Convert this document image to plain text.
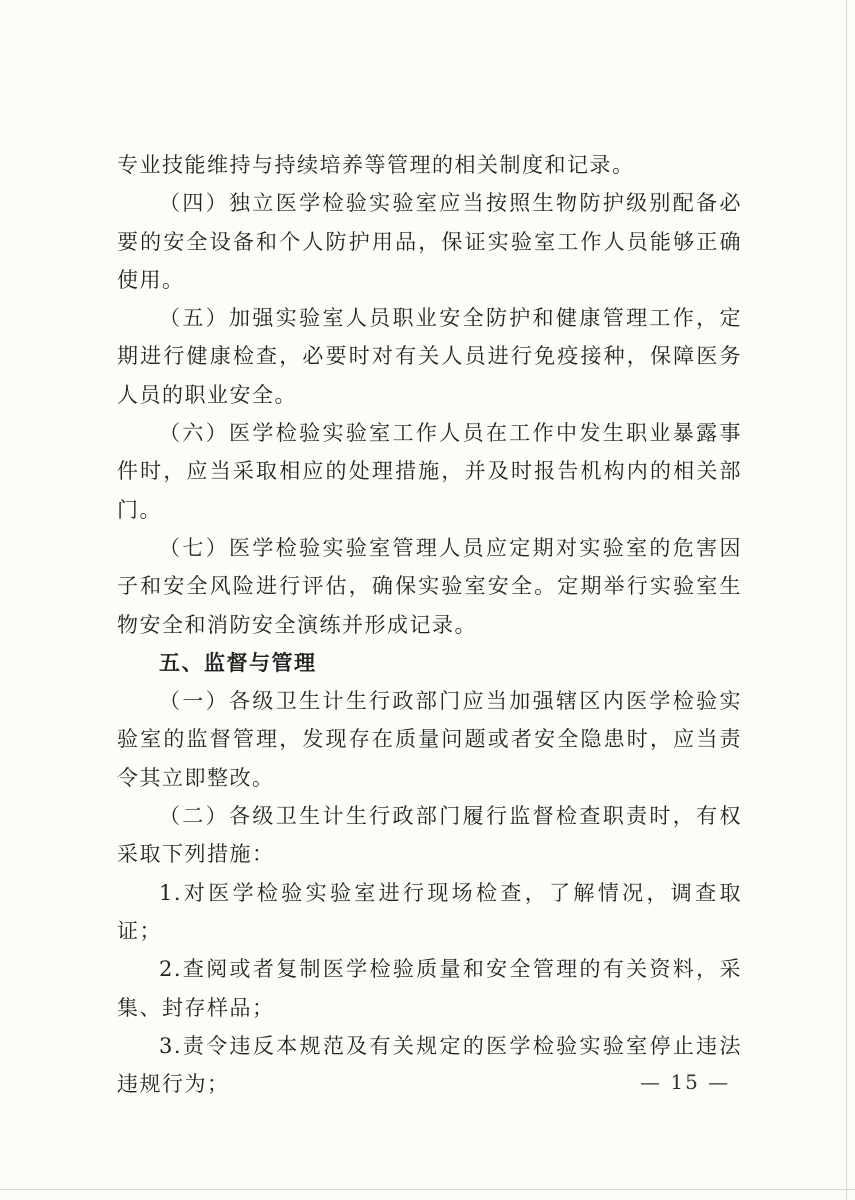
专业技能维持与持续培养等管理的相关制度和记录。

（四）独立医学检验实验室应当按照生物防护级别配备必要的安全设备和个人防护用品，保证实验室工作人员能够正确使用。

（五）加强实验室人员职业安全防护和健康管理工作，定期进行健康检查，必要时对有关人员进行免疫接种，保障医务人员的职业安全。

（六）医学检验实验室工作人员在工作中发生职业暴露事件时，应当采取相应的处理措施，并及时报告机构内的相关部门。

（七）医学检验实验室管理人员应定期对实验室的危害因子和安全风险进行评估，确保实验室安全。定期举行实验室生物安全和消防安全演练并形成记录。

五、监督与管理

（一）各级卫生计生行政部门应当加强辖区内医学检验实验室的监督管理，发现存在质量问题或者安全隐患时，应当责令其立即整改。

（二）各级卫生计生行政部门履行监督检查职责时，有权采取下列措施：

1.对医学检验实验室进行现场检查，了解情况，调查取证；

2.查阅或者复制医学检验质量和安全管理的有关资料，采集、封存样品；

3.责令违反本规范及有关规定的医学检验实验室停止违法违规行为；	— 15 —
